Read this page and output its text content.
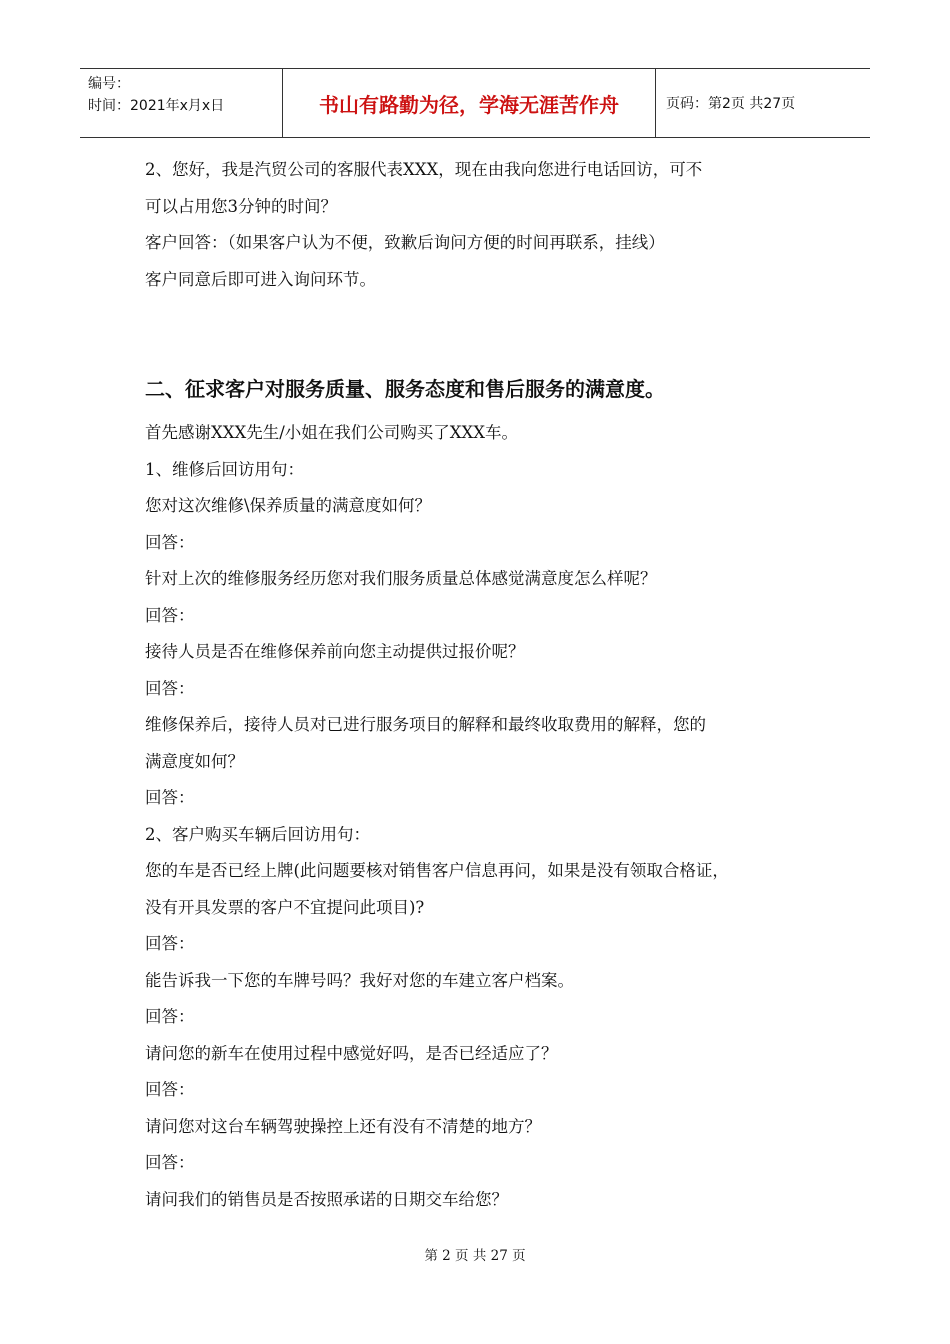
编号：
时间：2021年x月x日	书山有路勤为径，学海无涯苦作舟	页码：第2页 共27页

2、您好，我是汽贸公司的客服代表XXX，现在由我向您进行电话回访，可不

可以占用您3分钟的时间？

客户回答：（如果客户认为不便，致歉后询问方便的时间再联系，挂线）

客户同意后即可进入询问环节。

二、征求客户对服务质量、服务态度和售后服务的满意度。

首先感谢XXX先生/小姐在我们公司购买了XXX车。

1、维修后回访用句：

您对这次维修\保养质量的满意度如何？

回答：

针对上次的维修服务经历您对我们服务质量总体感觉满意度怎么样呢？

回答：

接待人员是否在维修保养前向您主动提供过报价呢？

回答：

维修保养后，接待人员对已进行服务项目的解释和最终收取费用的解释，您的

满意度如何？

回答：

2、客户购买车辆后回访用句：

您的车是否已经上牌(此问题要核对销售客户信息再问，如果是没有领取合格证，

没有开具发票的客户不宜提问此项目)?

回答：

能告诉我一下您的车牌号吗？我好对您的车建立客户档案。

回答：

请问您的新车在使用过程中感觉好吗，是否已经适应了？

回答：

请问您对这台车辆驾驶操控上还有没有不清楚的地方？

回答：

请问我们的销售员是否按照承诺的日期交车给您？

第 2 页 共 27 页
